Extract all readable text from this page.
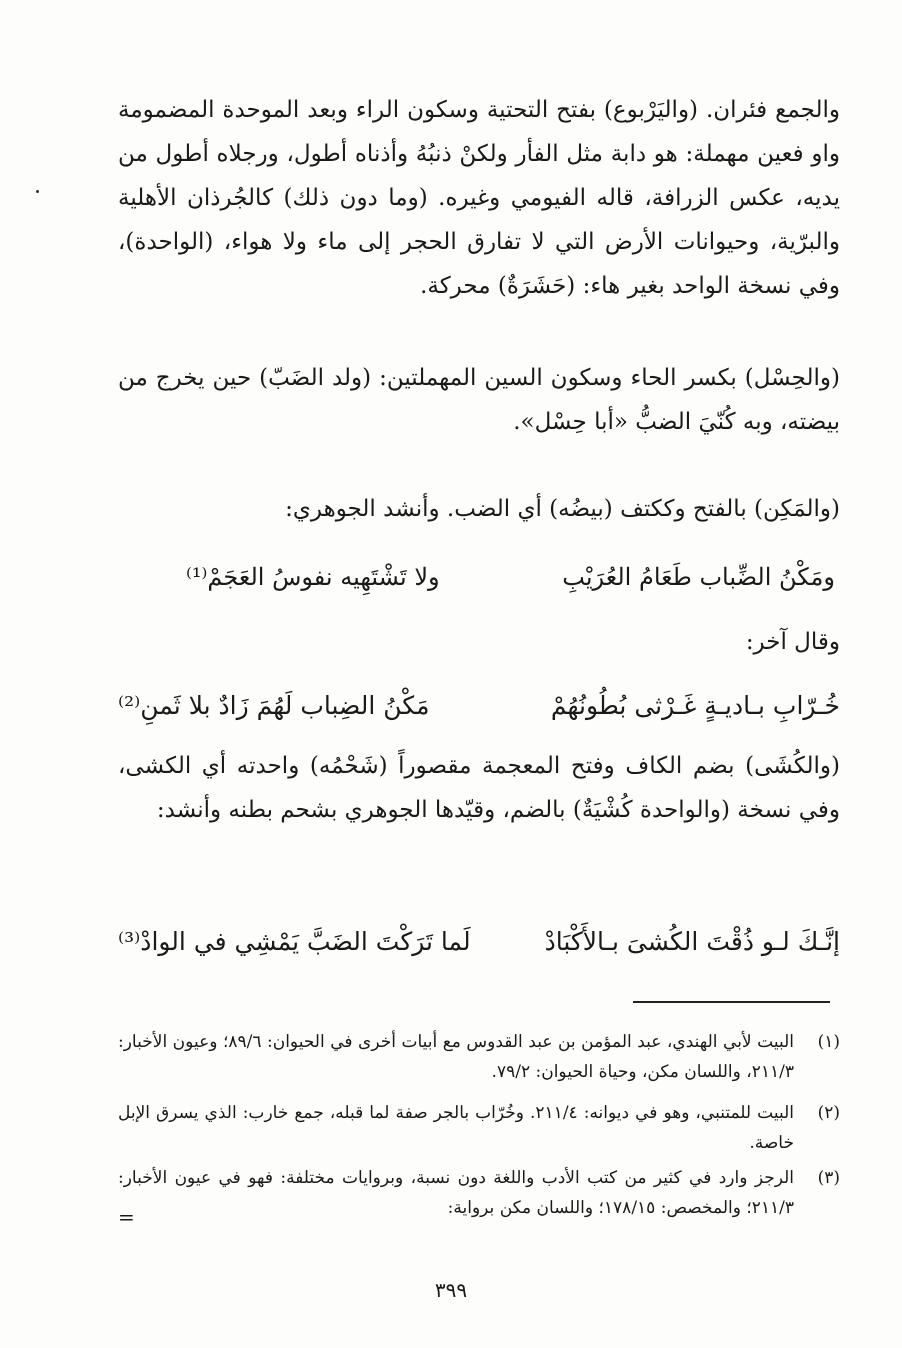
والجمع فئران. (واليَرْبوع) بفتح التحتية وسكون الراء وبعد الموحدة المضمومة واو فعين مهملة: هو دابة مثل الفأر ولكنْ ذنبُهُ وأذناه أطول، ورجلاه أطول من يديه، عكس الزرافة، قاله الفيومي وغيره. (وما دون ذلك) كالجُرذان الأهلية والبرّية، وحيوانات الأرض التي لا تفارق الحجر إلى ماء ولا هواء، (الواحدة)، وفي نسخة الواحد بغير هاء: (حَشَرَةٌ) محركة.
(والحِسْل) بكسر الحاء وسكون السين المهملتين: (ولد الضَبّ) حين يخرج من بيضته، وبه كُنّيَ الضبُّ «أبا حِسْل».
(والمَكِن) بالفتح وككتف (بيضُه) أي الضب. وأنشد الجوهري:
ومَكْنُ الضِّباب طَعَامُ العُرَيْبِ
ولا تَشْتَهِيه نفوسُ العَجَمْ⁽¹⁾
وقال آخر:
خُـرّابِ بـاديـةٍ غَـرْثى بُطُونُهُمْ
مَكْنُ الضِباب لَهُمَ زَادٌ بلا ثَمنِ⁽²⁾
(والكُشَى) بضم الكاف وفتح المعجمة مقصوراً (شَحْمُه) واحدته أي الكشى، وفي نسخة (والواحدة كُشْيَةٌ) بالضم، وقيّدها الجوهري بشحم بطنه وأنشد:
إنَّـكَ لـو ذُقْتَ الكُشىَ بـالأَكْبَادْ
لَما تَرَكْتَ الضَبَّ يَمْشِي في الوادْ⁽³⁾
(١)
البيت لأبي الهندي، عبد المؤمن بن عبد القدوس مع أبيات أخرى في الحيوان: ٨٩/٦؛ وعيون الأخبار: ٢١١/٣، واللسان مكن، وحياة الحيوان: ٧٩/٢.
(٢)
البيت للمتنبي، وهو في ديوانه: ٢١١/٤. وخُرّاب بالجر صفة لما قبله، جمع خارب: الذي يسرق الإبل خاصة.
(٣)
الرجز وارد في كثير من كتب الأدب واللغة دون نسبة، وبروايات مختلفة: فهو في عيون الأخبار: ٢١١/٣؛ والمخصص: ١٧٨/١٥؛ واللسان مكن برواية:
=
٣٩٩
